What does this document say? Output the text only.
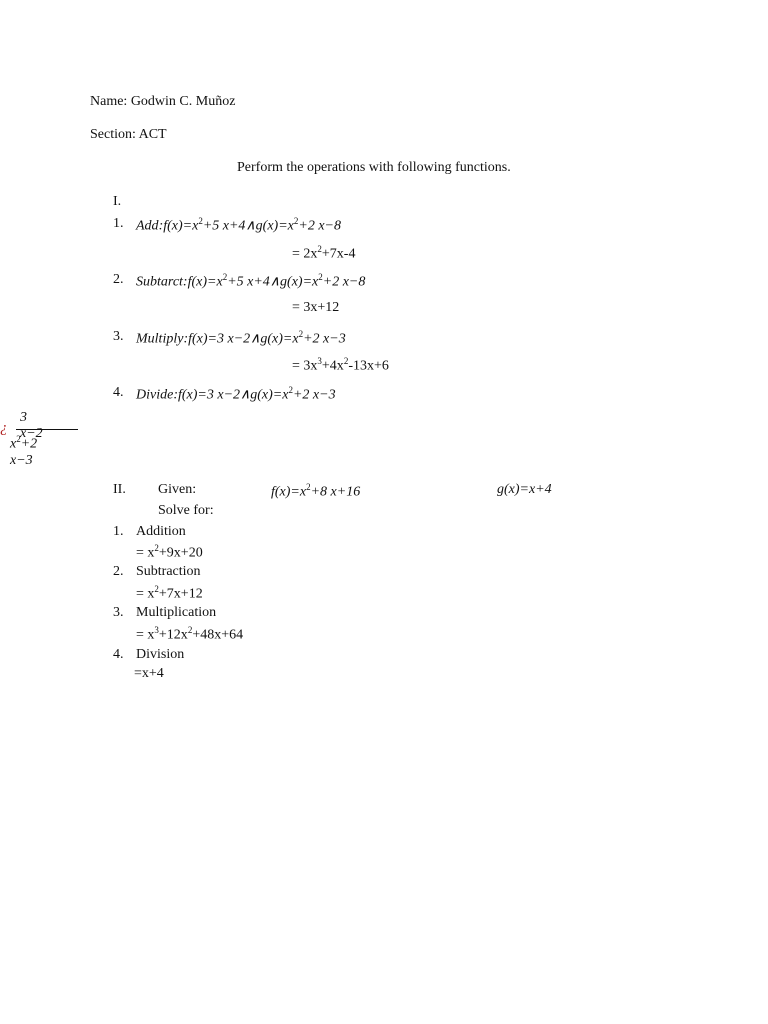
Name: Godwin C. Muñoz
Section: ACT
Perform the operations with following functions.
I.
1. $Add:f(x)=x^2+5$ $x+4\wedge g(x)=x^2+2$ x−8
= $2x^2+7x-4$
2. $Subtarct:f(x)=x^2+5$ $x+4\wedge g(x)=x^2+2$ x−8
= 3x+12
3. Multiply:f(x)=3 $x-2\wedge g(x)=x^2+2$ x−3
= $3x^3+4x^2-13x+6$
4. Divide:f(x)=3 $x-2\wedge g(x)=x^2+2$ x−3
¿
3 x−2
$x^2+2$ x−3
II. Given:	$f(x)=x^2+8$ x+16	g(x)=x+4
Solve for:
1. Addition
= $x^2+9x+20$
2. Subtraction
= $x^2+7x+12$
3. Multiplication
= $x^3+12x^2+48x+64$
4. Division
=x+4
